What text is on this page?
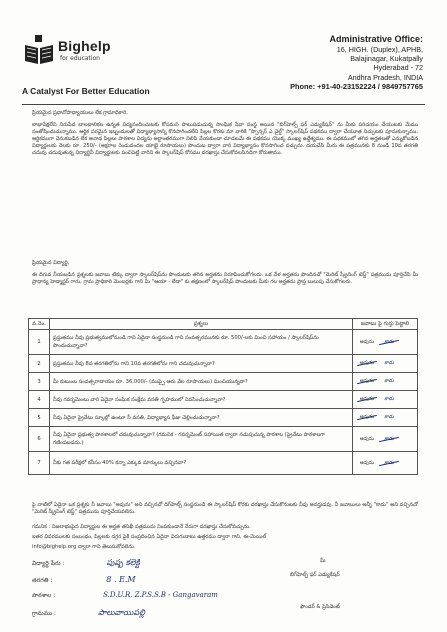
Bighelp
for education
A Catalyst For Better Education
Administrative Office:
16, HIGH. (Duplex), APHB,
Balajinagar, Kukatpally
Hyderabad - 72
Andhra Pradesh, INDIA
Phone: +91-40-23152224 / 9849757765
ప్రియమైన ప్రధానోపాధ్యాయులు లేక గ్రామాధికారి,
లాభాపేక్షలేని నిరుపేద బాలబాలికల ఉన్నత విద్యనందించుటకు కోసమని పాటుపడుచున్న సాంఘిక సేవా సంస్థ అయిన "బిగ్‌హెల్ప్ ఫర్ ఎడ్యుకేషన్" ను మీకు పరిచయం చేయుటకు మేము సంతోషించుచున్నాము. ఆర్థిక పరమైన ఇబ్బందులతో విద్యాభ్యాసాన్ని కొనసాగించలేని పిల్లల కొరకు మా వారికి "స్పాన్సర్ ఎ చైల్డ్" స్కాలర్‌షిప్ పథకము ద్వారా చేయూత నిచ్చుటకు పూనుకున్నాము. ఆర్థికముగా వెనుకబడిన లేక అనాథ పిల్లలు పాఠశాల విద్యను అర్ధాంతరముగా నిలిపి వేయకుండా చూడటమే ఈ పథకము యొక్క ముఖ్య ఉద్దేశ్యము. ఈ పథకములో తగిన అర్హతలతో ఎన్నుకోబడిన విద్యార్థులకు నెలకు రూ. 250/- (అక్షరాల రెండువందల యాభై రూపాయలు) పొందుట ద్వారా వారి విద్యాభ్యాసం కొనసాగించ వచ్చును. దయచేసి మీరు ఈ పత్రమునకు 8 నుండి 10వ తరగతి చదువు చదువుతున్న విద్యార్థినీ విద్యార్థులకు పంచిపెట్టి వారిని ఈ స్కాలర్‌షిప్ కోసము దరఖాస్తు చేసుకోవలసినదిగా కోరుతాము.
ప్రియమైన విద్యార్థి,
ఈ దిగువ నీయబడిన ప్రశ్నలకు జవాబు టిక్కు ద్వారా స్కాలర్‌షిప్‌ను పొందుటకు తగిన అర్హతను నిరూపించుకోగలరు. ఒక వేళ అర్హతను పొందినచో "మెరిట్ స్క్రీనింగ్ టెస్ట్" పత్రమును పూర్తిచేసి మీ ప్రాధాన్య హెడ్మాస్టర్ గారు, గ్రామ ప్రాధికారి మెంబర్లకు గాని మీ "ఆయా - లేదా" కు తక్షణంలో స్కాలర్‌షిప్ పొందుటకు మీకు గల అర్హతను ప్రాప్త బులుపు చేసుకోగలరు.
వ.నెం.	ప్రశ్నలు	జవాబు పై గుర్తు పెట్టాలి
1	ప్రస్తుతము నీవు ప్రభుత్వములోనుండి గాని ఏదైనా సంస్థనుండి గాని సంవత్సరమునకు రూ. 500/-లకు మించి సహాయం / స్కాలర్‌షిప్‌ను పొందుచున్నావా?	అవును కాదు

2	ప్రస్తుతము నీవు 8వ తరగతిలోను గాని 10వ తరగతిలోను గాని చదువుచున్నావా?	అవును కాదు
3	మీ కుటుంబ సంవత్సరాదాయం రూ. 36,000/- (ముప్పై ఆరు వేల రూపాయలు) మించియున్నదా?	అవును కాదు
4	నీవు గవర్నమెంటు వారి ఏదైనా సంఘిక సంక్షేమ వసతి గృహములో నివసించుచున్నావా?	అవును కాదు
5	నీవు ఏదైనా ప్రైవేటు స్కూల్లో ఉంటూ నీ వసతి, విద్యాభ్యాస ఫీజు చెల్లించుచున్నావా?	అవును కాదు
6	నీవు ఏదైనా ప్రభుత్వ పాఠశాలలో చదువుచున్నావా? (గమనిక - గవర్నమెంట్ సహాయిత ద్వారా నడుపుచున్న పాఠశాల (ప్రైవేటు పాఠశాలగా గణింపబడదు.)	అవును కాదు

7	నీకు గత పరీక్షలో కనీసం 40% కన్నా ఎక్కువ మార్కులు వచ్చినవా?	అవును కాదు
పై వాటిలో ఏదైనా ఒక ప్రశ్నకు నీ జవాబు "అవును" అని వచ్చినచో దిగ్‌హెల్ప్ సంస్థనుండి ఈ స్కాలర్‌షిప్ కొరకు దరఖాస్తు చేసుకొనుటకు నీవు అనర్హుడవు. నీ జవాబులు అన్నీ "కాదు" అని వచ్చినచో "మెరిట్ స్క్రీనింగ్ టెస్ట్" పత్రమును పూర్తిచేయవలెను.
గమనిక : నిజలాభంపైన విద్యార్థుల ఈ అర్హత తనిఖీ పత్రమును నింపకుండానే నేరుగా దరఖాస్తు చేసుకోవచ్చును.
ఇతర వివరములకు సంబంధం, పిల్లలకు దగ్గర పైకి సంప్రదించిన ఏదైనా విరుగుబాటు ఉత్తరము ద్వారా గాని, ఈ-మెయిల్
info@bighelp.org ద్వారా గాని తెలుసుకోవలెను.
విద్యార్థి పేరు :	పుష్ప కలెక్టి
తరగతి :	8 . E.M
పాఠశాల :	S.D.U.R. Z.P.S.S.B - Gangavaram
గ్రామము :	పాలువాయిపల్లి
మీ
బిగ్‌హెల్ప్ ఫర్ ఎడ్యుకేషన్
ఫౌండర్ & ప్రెసిడెంట్
